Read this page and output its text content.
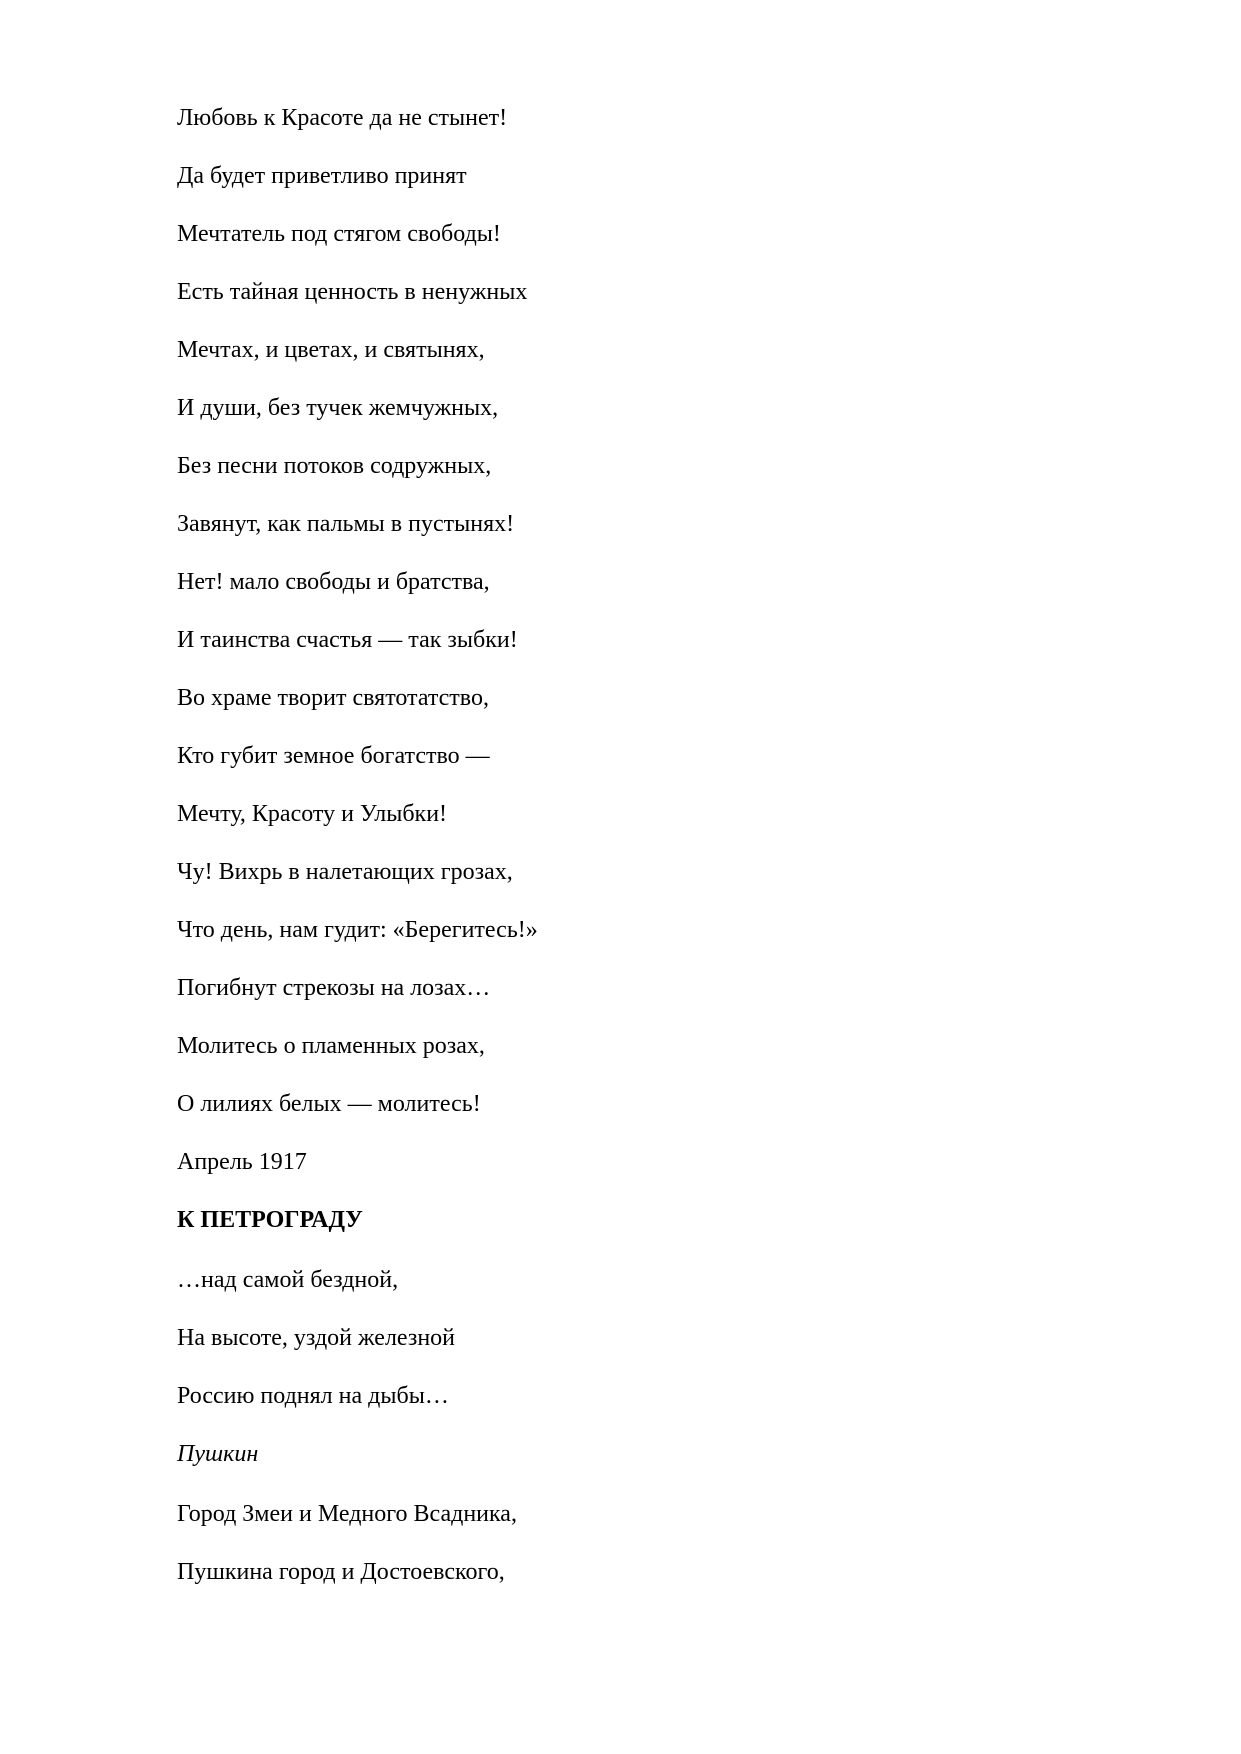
Любовь к Красоте да не стынет!
Да будет приветливо принят
Мечтатель под стягом свободы!
Есть тайная ценность в ненужных
Мечтах, и цветах, и святынях,
И души, без тучек жемчужных,
Без песни потоков содружных,
Завянут, как пальмы в пустынях!
Нет! мало свободы и братства,
И таинства счастья — так зыбки!
Во храме творит святотатство,
Кто губит земное богатство —
Мечту, Красоту и Улыбки!
Чу! Вихрь в налетающих грозах,
Что день, нам гудит: «Берегитесь!»
Погибнут стрекозы на лозах…
Молитесь о пламенных розах,
О лилиях белых — молитесь!
Апрель 1917
К ПЕТРОГРАДУ
…над самой бездной,
На высоте, уздой железной
Россию поднял на дыбы…
Пушкин
Город Змеи и Медного Всадника,
Пушкина город и Достоевского,
